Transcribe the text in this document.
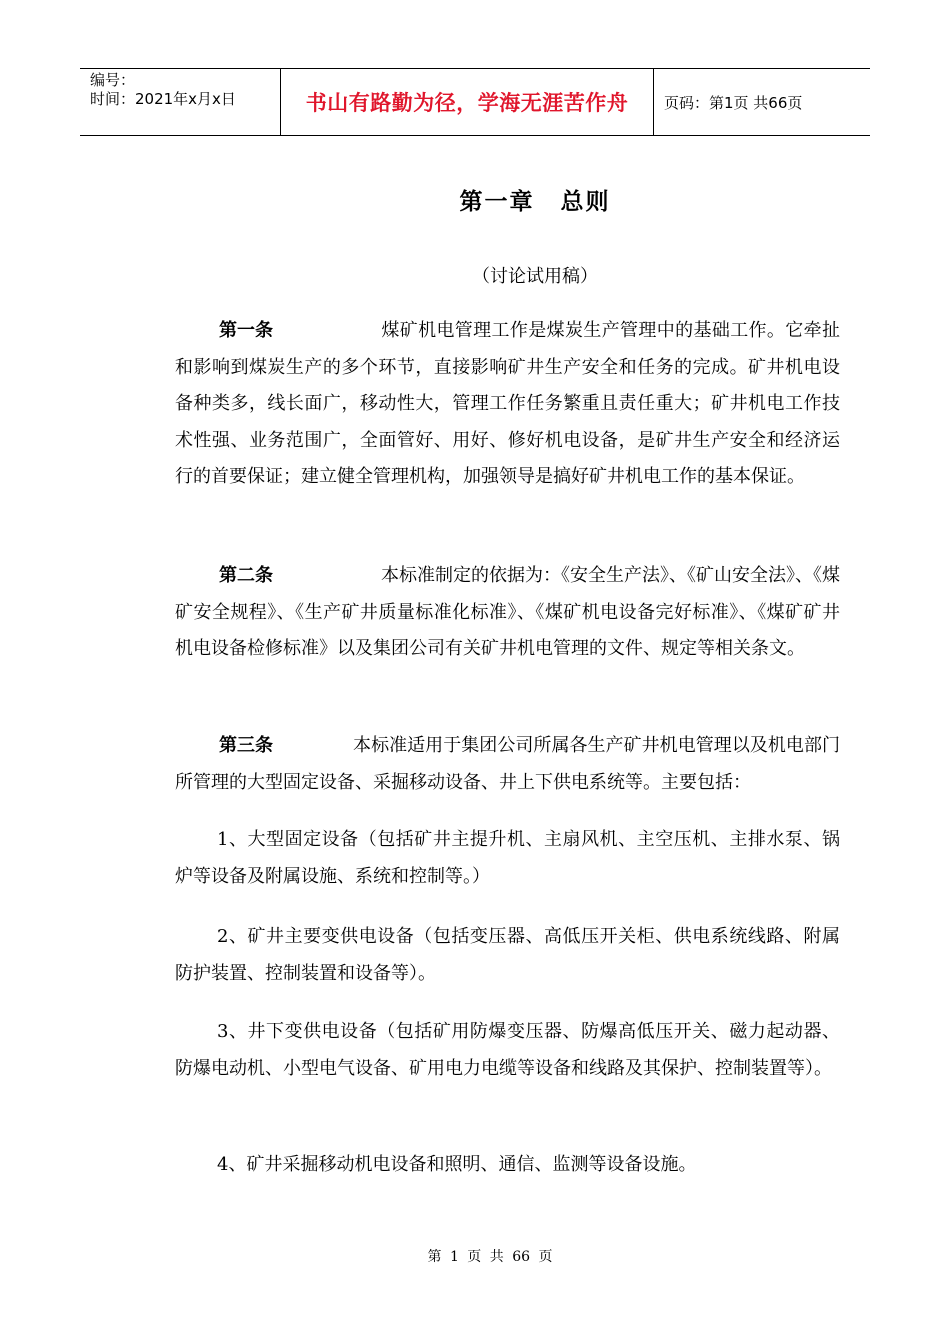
编号：
时间：2021年x月x日	书山有路勤为径，学海无涯苦作舟 页码：第1页 共66页
第一章 总则
（讨论试用稿）
第一条	煤矿机电管理工作是煤炭生产管理中的基础工作。它牵扯和影响到煤炭生产的多个环节，直接影响矿井生产安全和任务的完成。矿井机电设备种类多，线长面广，移动性大，管理工作任务繁重且责任重大；矿井机电工作技术性强、业务范围广，全面管好、用好、修好机电设备，是矿井生产安全和经济运行的首要保证；建立健全管理机构，加强领导是搞好矿井机电工作的基本保证。
第二条	本标准制定的依据为：《安全生产法》、《矿山安全法》、《煤矿安全规程》、《生产矿井质量标准化标准》、《煤矿机电设备完好标准》、《煤矿矿井机电设备检修标准》以及集团公司有关矿井机电管理的文件、规定等相关条文。
第三条	本标准适用于集团公司所属各生产矿井机电管理以及机电部门所管理的大型固定设备、采掘移动设备、井上下供电系统等。主要包括：
1、大型固定设备（包括矿井主提升机、主扇风机、主空压机、主排水泵、锅炉等设备及附属设施、系统和控制等。）
2、矿井主要变供电设备（包括变压器、高低压开关柜、供电系统线路、附属防护装置、控制装置和设备等）。
3、井下变供电设备（包括矿用防爆变压器、防爆高低压开关、磁力起动器、防爆电动机、小型电气设备、矿用电力电缆等设备和线路及其保护、控制装置等）。
4、矿井采掘移动机电设备和照明、通信、监测等设备设施。
第 1 页 共 66 页
